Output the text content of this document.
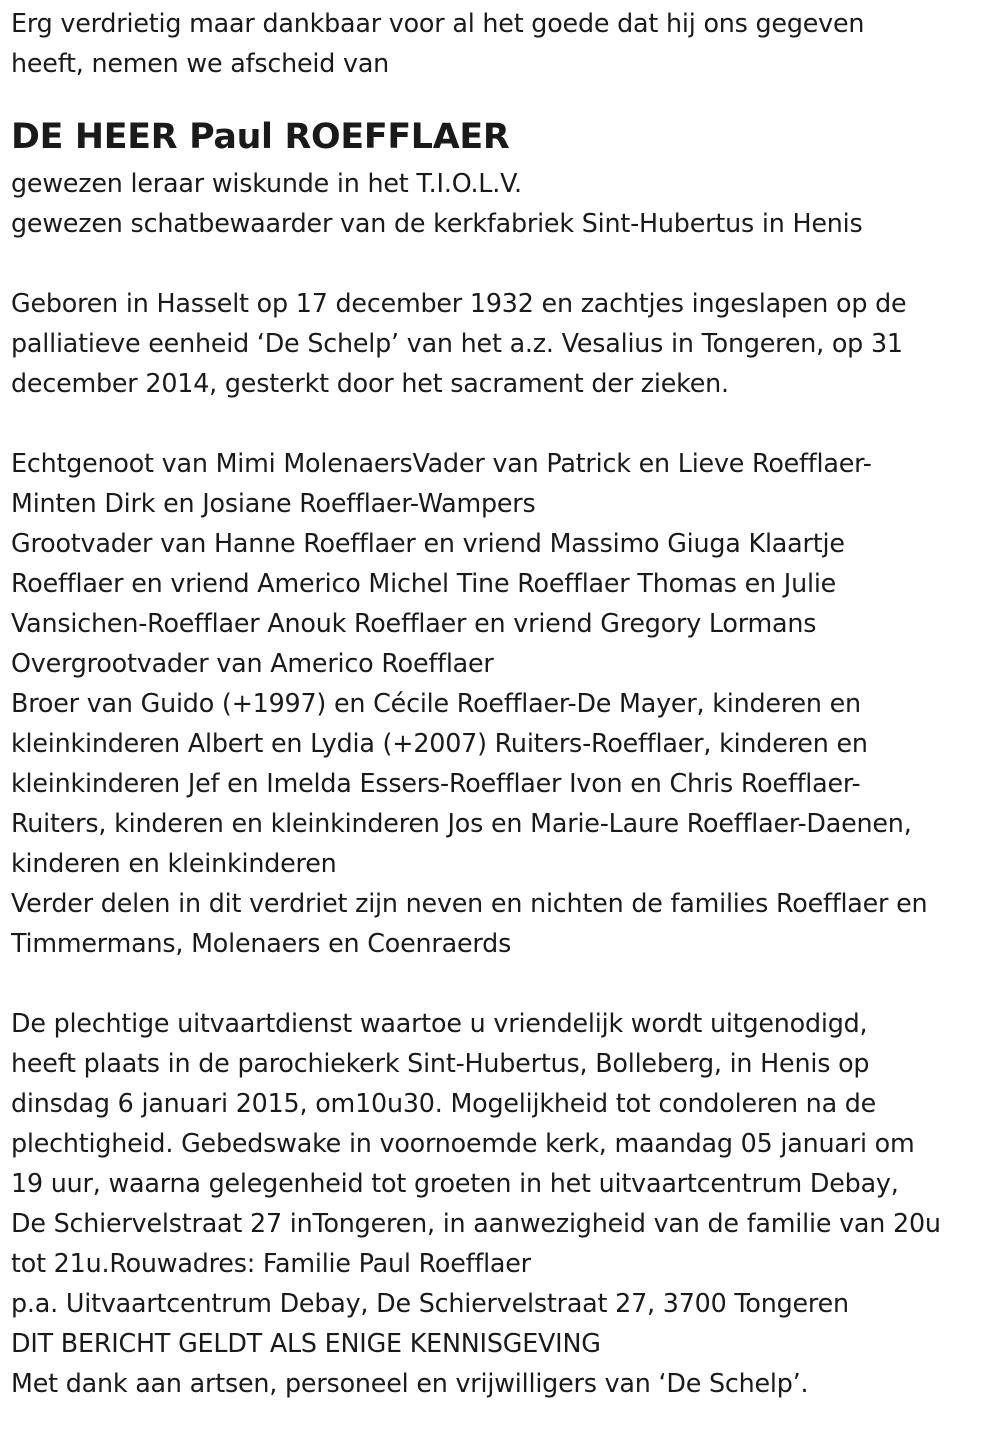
Erg verdrietig maar dankbaar voor al het goede dat hij ons gegeven
heeft, nemen we afscheid van
DE HEER Paul ROEFFLAER
gewezen leraar wiskunde in het T.I.O.L.V.
gewezen schatbewaarder van de kerkfabriek Sint-Hubertus in Henis
Geboren in Hasselt op 17 december 1932 en zachtjes ingeslapen op de
palliatieve eenheid ‘De Schelp’ van het a.z. Vesalius in Tongeren, op 31
december 2014, gesterkt door het sacrament der zieken.
Echtgenoot van Mimi MolenaersVader van Patrick en Lieve Roefflaer-
Minten Dirk en Josiane Roefflaer-Wampers
Grootvader van Hanne Roefflaer en vriend Massimo Giuga Klaartje
Roefflaer en vriend Americo Michel Tine Roefflaer Thomas en Julie
Vansichen-Roefflaer Anouk Roefflaer en vriend Gregory Lormans
Overgrootvader van Americo Roefflaer
Broer van Guido (+1997) en Cécile Roefflaer-De Mayer, kinderen en
kleinkinderen Albert en Lydia (+2007) Ruiters-Roefflaer, kinderen en
kleinkinderen Jef en Imelda Essers-Roefflaer Ivon en Chris Roefflaer-
Ruiters, kinderen en kleinkinderen Jos en Marie-Laure Roefflaer-Daenen,
kinderen en kleinkinderen
Verder delen in dit verdriet zijn neven en nichten de families Roefflaer en
Timmermans, Molenaers en Coenraerds
De plechtige uitvaartdienst waartoe u vriendelijk wordt uitgenodigd,
heeft plaats in de parochiekerk Sint-Hubertus, Bolleberg, in Henis op
dinsdag 6 januari 2015, om10u30. Mogelijkheid tot condoleren na de
plechtigheid. Gebedswake in voornoemde kerk, maandag 05 januari om
19 uur, waarna gelegenheid tot groeten in het uitvaartcentrum Debay,
De Schiervelstraat 27 inTongeren, in aanwezigheid van de familie van 20u
tot 21u.Rouwadres: Familie Paul Roefflaer
p.a. Uitvaartcentrum Debay, De Schiervelstraat 27, 3700 Tongeren
DIT BERICHT GELDT ALS ENIGE KENNISGEVING
Met dank aan artsen, personeel en vrijwilligers van ‘De Schelp’.
